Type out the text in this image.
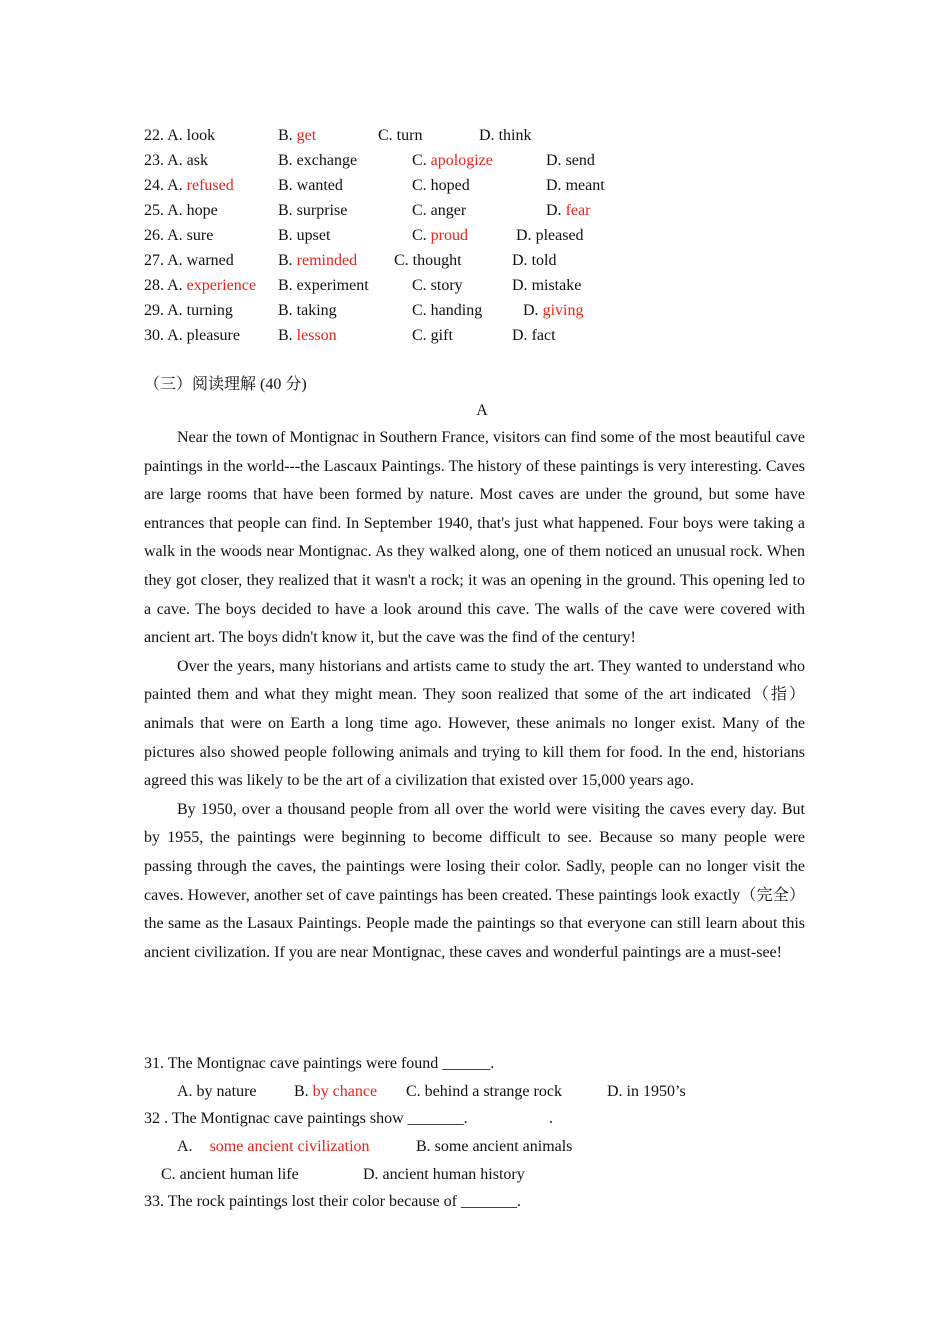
22. A. look	B. get	C. turn	D. think
23. A. ask	B. exchange	C. apologize	D. send
24. A. refused	B. wanted	C. hoped	D. meant
25. A. hope	B. surprise	C. anger	D. fear
26. A. sure	B. upset	C. proud	D. pleased
27. A. warned	B. reminded C. thought	D. told
28. A. experience B. experiment	C. story	D. mistake
29. A. turning	B. taking	C. handing	D. giving
30. A. pleasure B. lesson	C. gift	D. fact
（三）阅读理解 (40 分)
A

Near the town of Montignac in Southern France, visitors can find some of the most beautiful cave paintings in the world---the Lascaux Paintings. The history of these paintings is very interesting. Caves are large rooms that have been formed by nature. Most caves are under the ground, but some have entrances that people can find. In September 1940, that's just what happened. Four boys were taking a walk in the woods near Montignac. As they walked along, one of them noticed an unusual rock. When they got closer, they realized that it wasn't a rock; it was an opening in the ground. This opening led to a cave. The boys decided to have a look around this cave. The walls of the cave were covered with ancient art. The boys didn't know it, but the cave was the find of the century!

Over the years, many historians and artists came to study the art. They wanted to understand who painted them and what they might mean. They soon realized that some of the art indicated（指） animals that were on Earth a long time ago. However, these animals no longer exist. Many of the pictures also showed people following animals and trying to kill them for food. In the end, historians agreed this was likely to be the art of a civilization that existed over 15,000 years ago.

By 1950, over a thousand people from all over the world were visiting the caves every day. But by 1955, the paintings were beginning to become difficult to see. Because so many people were passing through the caves, the paintings were losing their color. Sadly, people can no longer visit the caves. However, another set of cave paintings has been created. These paintings look exactly（完全） the same as the Lasaux Paintings. People made the paintings so that everyone can still learn about this ancient civilization. If you are near Montignac, these caves and wonderful paintings are a must-see!

31. The Montignac cave paintings were found ______.
A. by nature B. by chance C. behind a strange rock	D. in 1950’s
32 . The Montignac cave paintings show _______.	.
A. some ancient civilization	B. some ancient animals
C. ancient human life	D. ancient human history
33. The rock paintings lost their color because of _______.
